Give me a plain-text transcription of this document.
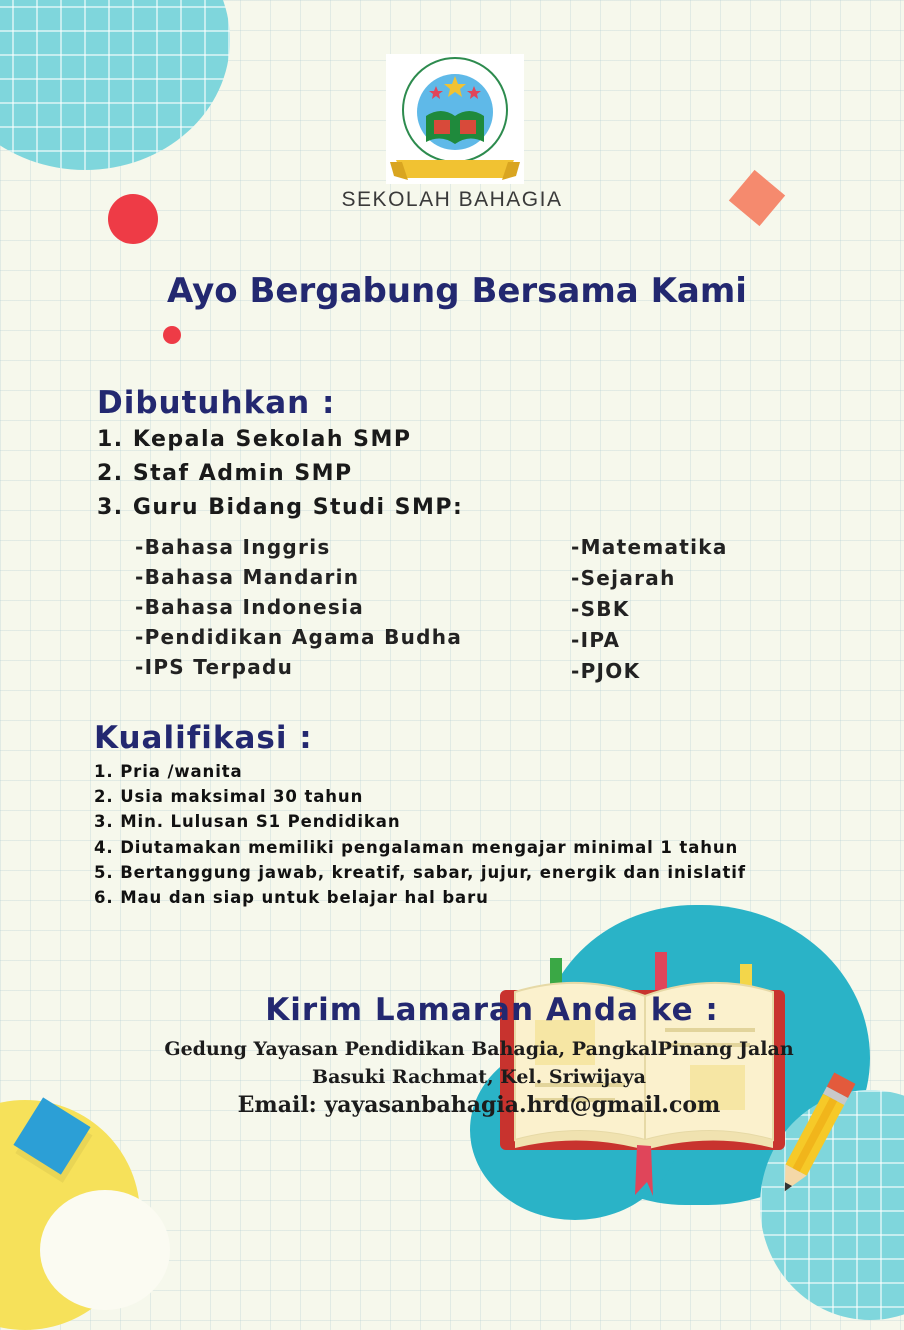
SEKOLAH BAHAGIA
Ayo Bergabung Bersama Kami
Dibutuhkan :
1. Kepala Sekolah SMP
2. Staf Admin SMP
3. Guru Bidang Studi SMP:
-Bahasa Inggris
-Bahasa Mandarin
-Bahasa Indonesia
-Pendidikan Agama Budha
-IPS Terpadu
-Matematika
-Sejarah
-SBK
-IPA
-PJOK
Kualifikasi :
1. Pria /wanita
2. Usia maksimal 30 tahun
3. Min. Lulusan S1 Pendidikan
4. Diutamakan memiliki pengalaman mengajar minimal 1 tahun
5. Bertanggung jawab, kreatif, sabar, jujur, energik dan inislatif
6. Mau dan siap untuk belajar hal baru
Kirim Lamaran Anda ke :
Gedung Yayasan Pendidikan Bahagia, PangkalPinang Jalan
Basuki Rachmat, Kel. Sriwijaya
Email: yayasanbahagia.hrd@gmail.com
